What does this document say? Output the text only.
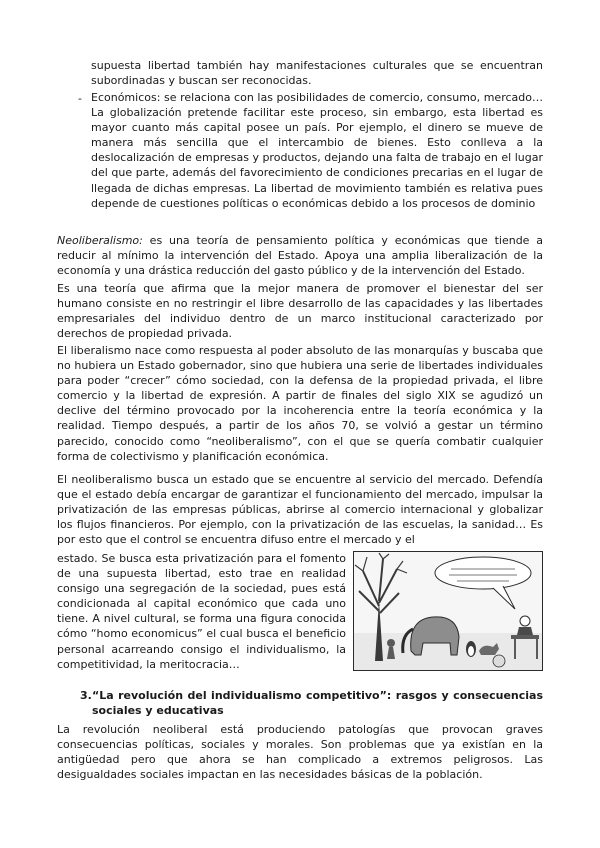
supuesta libertad también hay manifestaciones culturales que se encuentran subordinadas y buscan ser reconocidas.
- Económicos: se relaciona con las posibilidades de comercio, consumo, mercado… La globalización pretende facilitar este proceso, sin embargo, esta libertad es mayor cuanto más capital posee un país. Por ejemplo, el dinero se mueve de manera más sencilla que el intercambio de bienes. Esto conlleva a la deslocalización de empresas y productos, dejando una falta de trabajo en el lugar del que parte, además del favorecimiento de condiciones precarias en el lugar de llegada de dichas empresas. La libertad de movimiento también es relativa pues depende de cuestiones políticas o económicas debido a los procesos de dominio
Neoliberalismo: es una teoría de pensamiento política y económicas que tiende a reducir al mínimo la intervención del Estado. Apoya una amplia liberalización de la economía y una drástica reducción del gasto público y de la intervención del Estado.
Es una teoría que afirma que la mejor manera de promover el bienestar del ser humano consiste en no restringir el libre desarrollo de las capacidades y las libertades empresariales del individuo dentro de un marco institucional caracterizado por derechos de propiedad privada.
El liberalismo nace como respuesta al poder absoluto de las monarquías y buscaba que no hubiera un Estado gobernador, sino que hubiera una serie de libertades individuales para poder “crecer” cómo sociedad, con la defensa de la propiedad privada, el libre comercio y la libertad de expresión. A partir de finales del siglo XIX se agudizó un declive del término provocado por la incoherencia entre la teoría económica y la realidad. Tiempo después, a partir de los años 70, se volvió a gestar un término parecido, conocido como “neoliberalismo”, con el que se quería combatir cualquier forma de colectivismo y planificación económica.
El neoliberalismo busca un estado que se encuentre al servicio del mercado. Defendía que el estado debía encargar de garantizar el funcionamiento del mercado, impulsar la privatización de las empresas públicas, abrirse al comercio internacional y globalizar los flujos financieros. Por ejemplo, con la privatización de las escuelas, la sanidad… Es por esto que el control se encuentra difuso entre el mercado y el
estado. Se busca esta privatización para el fomento de una supuesta libertad, esto trae en realidad consigo una segregación de la sociedad, pues está condicionada al capital económico que cada uno tiene. A nivel cultural, se forma una figura conocida cómo “homo economicus” el cual busca el beneficio personal acarreando consigo el individualismo, la competitividad, la meritocracia…
3. “La revolución del individualismo competitivo”: rasgos y consecuencias sociales y educativas
La revolución neoliberal está produciendo patologías que provocan graves consecuencias políticas, sociales y morales. Son problemas que ya existían en la antigüedad pero que ahora se han complicado a extremos peligrosos. Las desigualdades sociales impactan en las necesidades básicas de la población.
